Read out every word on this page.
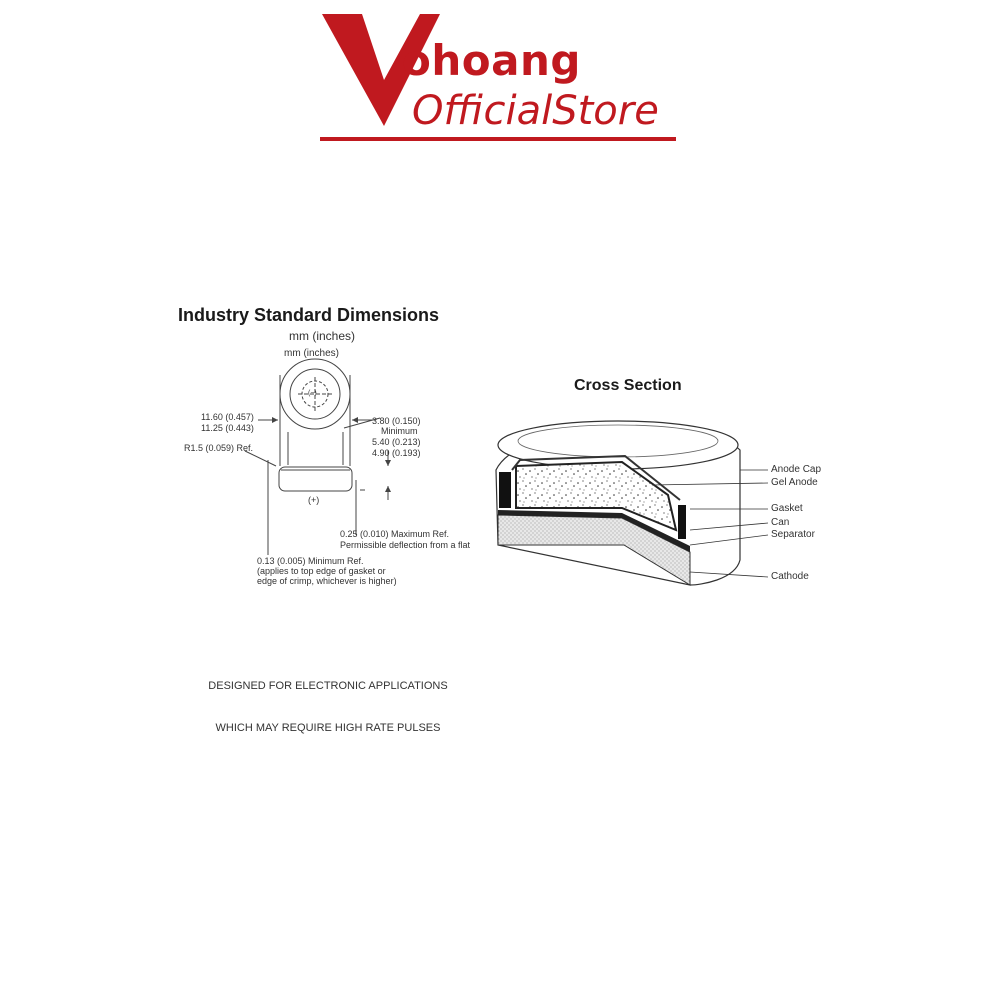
ohoang
OfficialStore
Industry Standard Dimensions
mm (inches)
mm (inches)
11.60 (0.457)
11.25 (0.443)
R1.5 (0.059) Ref.
3.80 (0.150)
Minimum
5.40 (0.213)
4.90 (0.193)
(+)
(−)
0.25 (0.010) Maximum Ref.
Permissible deflection from a flat
0.13 (0.005) Minimum Ref.
(applies to top edge of gasket or
edge of crimp, whichever is higher)
Cross Section
Anode Cap
Gel Anode
Gasket
Can
Separator
Cathode

DESIGNED FOR ELECTRONIC APPLICATIONS

WHICH MAY REQUIRE HIGH RATE PULSES
